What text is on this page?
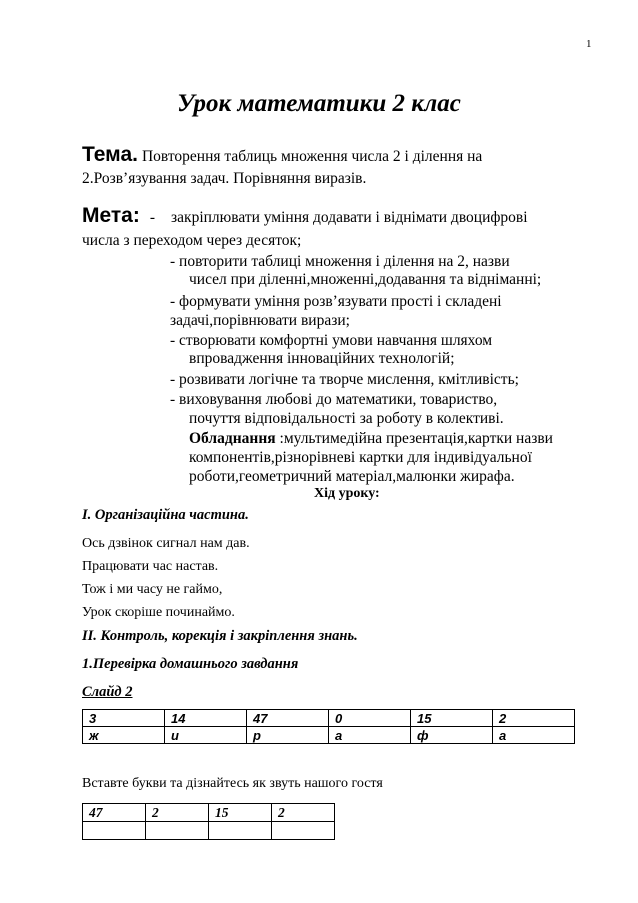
1
Урок математики 2 клас
Тема. Повторення таблиць множення числа 2 і ділення на
2.Розв’язування задач. Порівняння виразів.
Мета: - закріплювати уміння додавати і віднімати двоцифрові
числа з переходом через десяток;
- повторити таблиці множення і ділення на 2, назви
чисел при діленні,множенні,додавання та відніманні;
- формувати уміння розв’язувати прості і складені
задачі,порівнювати вирази;
- створювати комфортні умови навчання шляхом
впровадження інноваційних технологій;
- розвивати логічне та творче мислення, кмітливість;
- виховування любові до математики, товариство,
почуття відповідальності за роботу в колективі.
Обладнання :мультимедійна презентація,картки назви
компонентів,різнорівневі картки для індивідуальної
роботи,геометричний матеріал,малюнки жирафа.
Хід уроку:
І. Організаційна частина.
Ось дзвінок сигнал нам дав.
Працювати час настав.
Тож і ми часу не гаймо,
Урок скоріше починаймо.
ІІ. Контроль, корекція і закріплення знань.
1.Перевірка домашнього завдання
Слайд 2
3	14	47	0	15	2
ж	и	р	а	ф	а
Вставте букви та дізнайтесь як звуть нашого гостя
47	2	15	2
